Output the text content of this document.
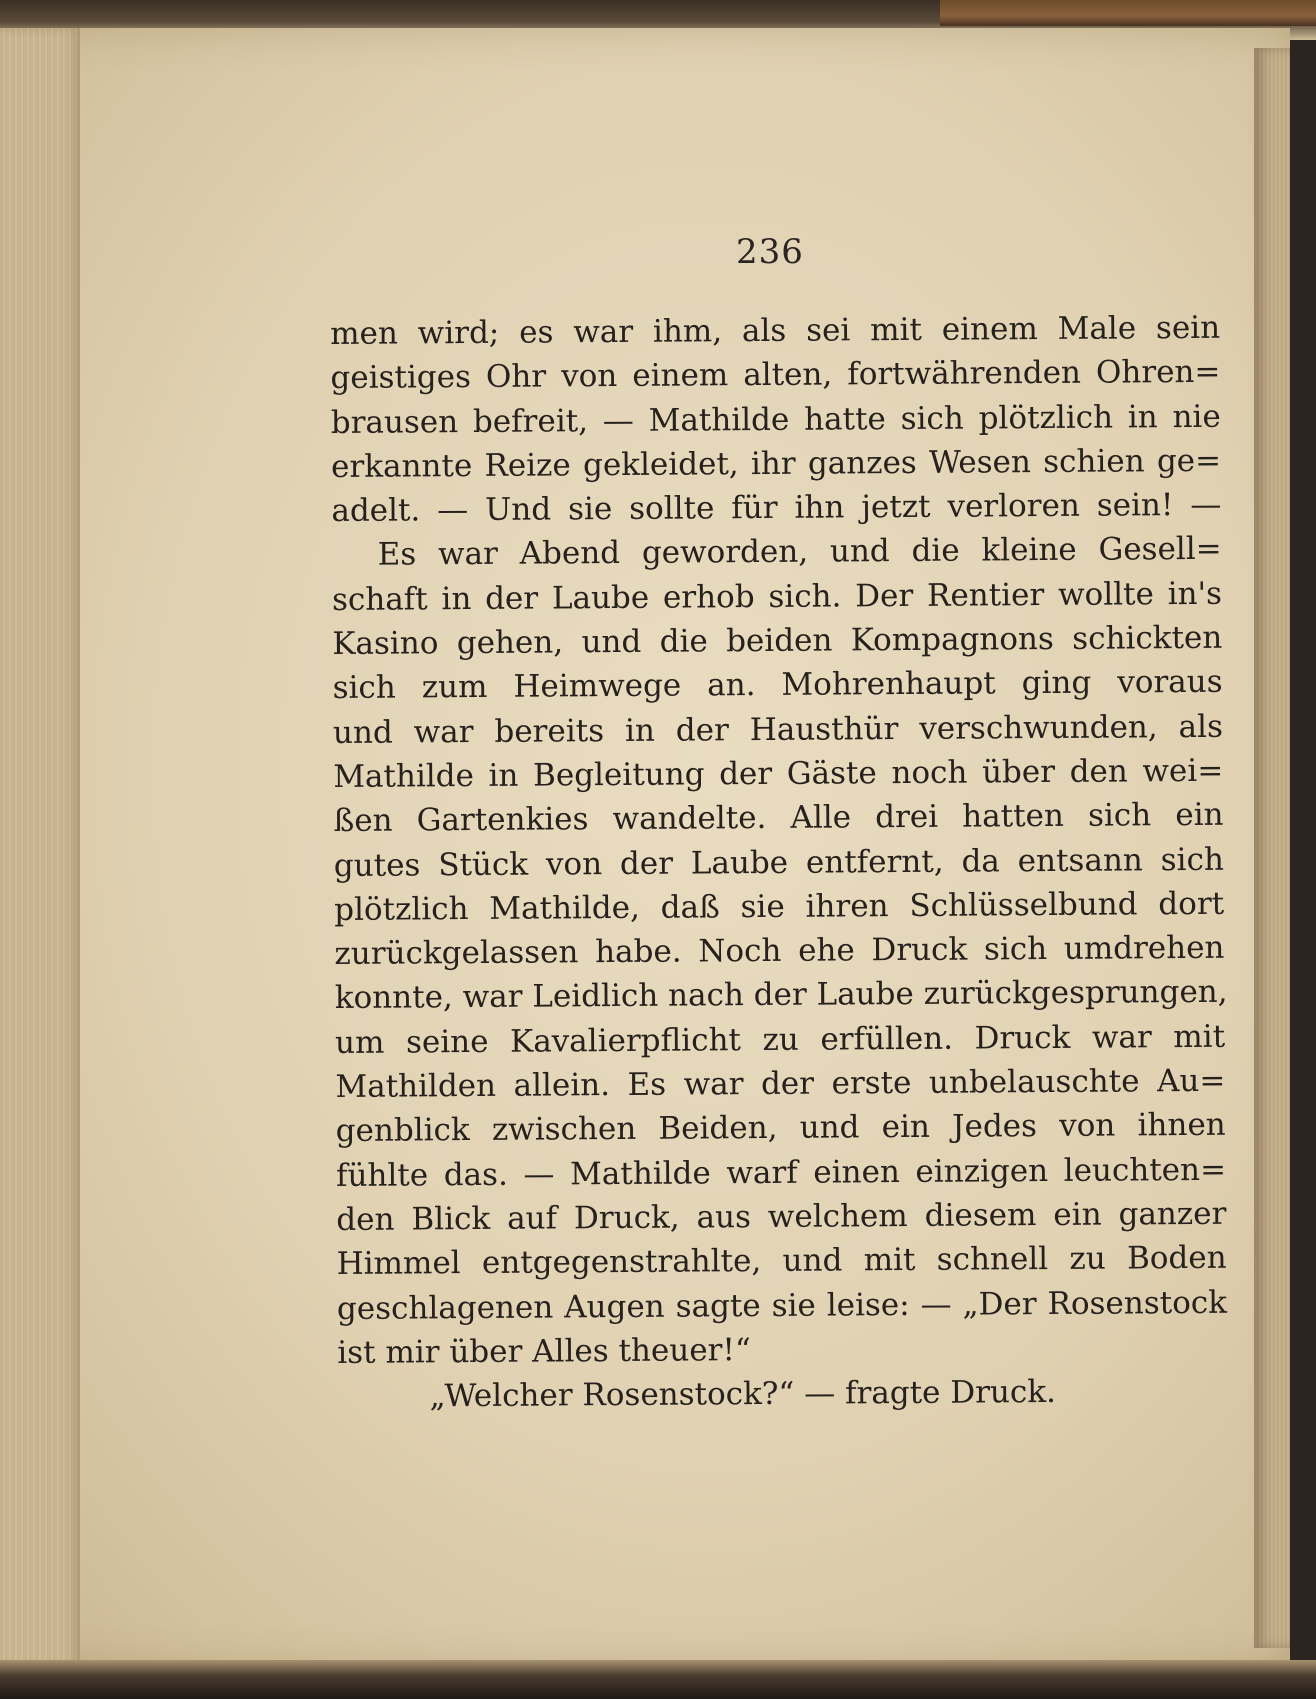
236
men wird; es war ihm, als sei mit einem Male sein
geistiges Ohr von einem alten, fortwährenden Ohren=
brausen befreit, — Mathilde hatte sich plötzlich in nie
erkannte Reize gekleidet, ihr ganzes Wesen schien ge=
adelt. — Und sie sollte für ihn jetzt verloren sein! —
Es war Abend geworden, und die kleine Gesell=
schaft in der Laube erhob sich. Der Rentier wollte in's
Kasino gehen, und die beiden Kompagnons schickten
sich zum Heimwege an. Mohrenhaupt ging voraus
und war bereits in der Hausthür verschwunden, als
Mathilde in Begleitung der Gäste noch über den wei=
ßen Gartenkies wandelte. Alle drei hatten sich ein
gutes Stück von der Laube entfernt, da entsann sich
plötzlich Mathilde, daß sie ihren Schlüsselbund dort
zurückgelassen habe. Noch ehe Druck sich umdrehen
konnte, war Leidlich nach der Laube zurückgesprungen,
um seine Kavalierpflicht zu erfüllen. Druck war mit
Mathilden allein. Es war der erste unbelauschte Au=
genblick zwischen Beiden, und ein Jedes von ihnen
fühlte das. — Mathilde warf einen einzigen leuchten=
den Blick auf Druck, aus welchem diesem ein ganzer
Himmel entgegenstrahlte, und mit schnell zu Boden
geschlagenen Augen sagte sie leise: — „Der Rosenstock
ist mir über Alles theuer!“
„Welcher Rosenstock?“ — fragte Druck.
